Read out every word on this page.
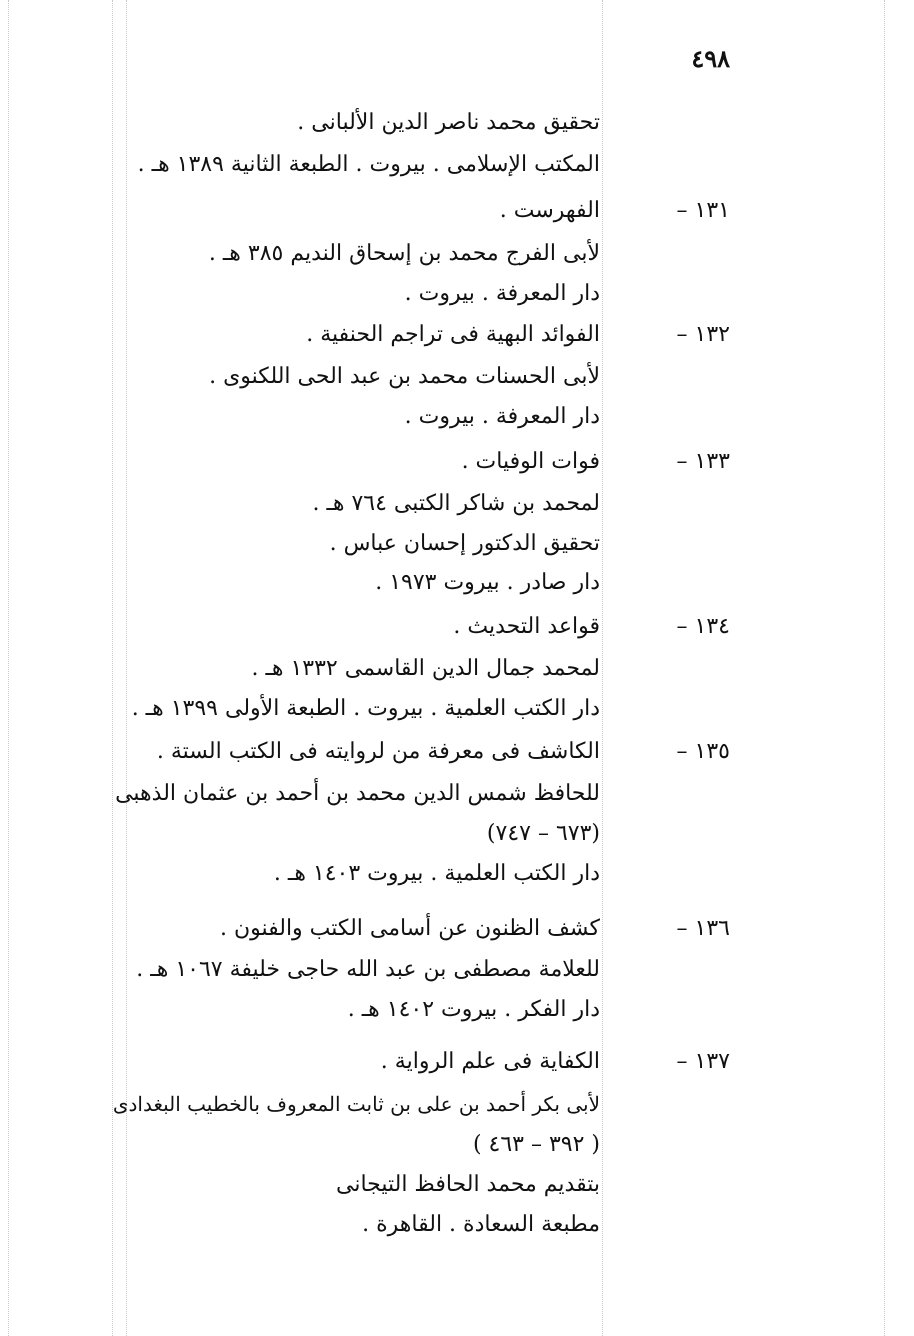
٤٩٨
تحقيق محمد ناصر الدين الألبانى .
المكتب الإسلامى . بيروت . الطبعة الثانية ١٣٨٩ هـ .
١٣١ –
الفهرست .
لأبى الفرج محمد بن إسحاق النديم ٣٨٥ هـ .
دار المعرفة . بيروت .
١٣٢ –
الفوائد البهية فى تراجم الحنفية .
لأبى الحسنات محمد بن عبد الحى اللكنوى .
دار المعرفة . بيروت .
١٣٣ –
فوات الوفيات .
لمحمد بن شاكر الكتبى ٧٦٤ هـ .
تحقيق الدكتور إحسان عباس .
دار صادر . بيروت ١٩٧٣ .
١٣٤ –
قواعد التحديث .
لمحمد جمال الدين القاسمى ١٣٣٢ هـ .
دار الكتب العلمية . بيروت . الطبعة الأولى ١٣٩٩ هـ .
١٣٥ –
الكاشف فى معرفة من لروايته فى الكتب الستة .
للحافظ شمس الدين محمد بن أحمد بن عثمان الذهبى
(٦٧٣ – ٧٤٧)
دار الكتب العلمية . بيروت ١٤٠٣ هـ .
١٣٦ –
كشف الظنون عن أسامى الكتب والفنون .
للعلامة مصطفى بن عبد الله حاجى خليفة ١٠٦٧ هـ .
دار الفكر . بيروت ١٤٠٢ هـ .
١٣٧ –
الكفاية فى علم الرواية .
لأبى بكر أحمد بن على بن ثابت المعروف بالخطيب البغدادى
( ٣٩٢ – ٤٦٣ )
بتقديم محمد الحافظ التيجانى
مطبعة السعادة . القاهرة .
